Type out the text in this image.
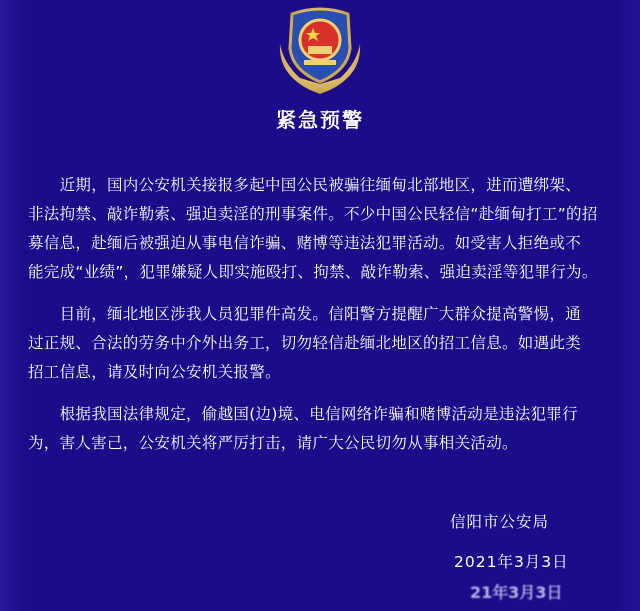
紧急预警
　　近期，国内公安机关接报多起中国公民被骗往缅甸北部地区，进而遭绑架、
非法拘禁、敲诈勒索、强迫卖淫的刑事案件。不少中国公民轻信“赴缅甸打工”的招
募信息，赴缅后被强迫从事电信诈骗、赌博等违法犯罪活动。如受害人拒绝或不
能完成“业绩”，犯罪嫌疑人即实施殴打、拘禁、敲诈勒索、强迫卖淫等犯罪行为。
　　目前，缅北地区涉我人员犯罪件高发。信阳警方提醒广大群众提高警惕，通
过正规、合法的劳务中介外出务工，切勿轻信赴缅北地区的招工信息。如遇此类
招工信息，请及时向公安机关报警。
　　根据我国法律规定，偷越国(边)境、电信网络诈骗和赌博活动是违法犯罪行
为，害人害己，公安机关将严厉打击，请广大公民切勿从事相关活动。
信阳市公安局
2021年3月3日
21年3月3日
